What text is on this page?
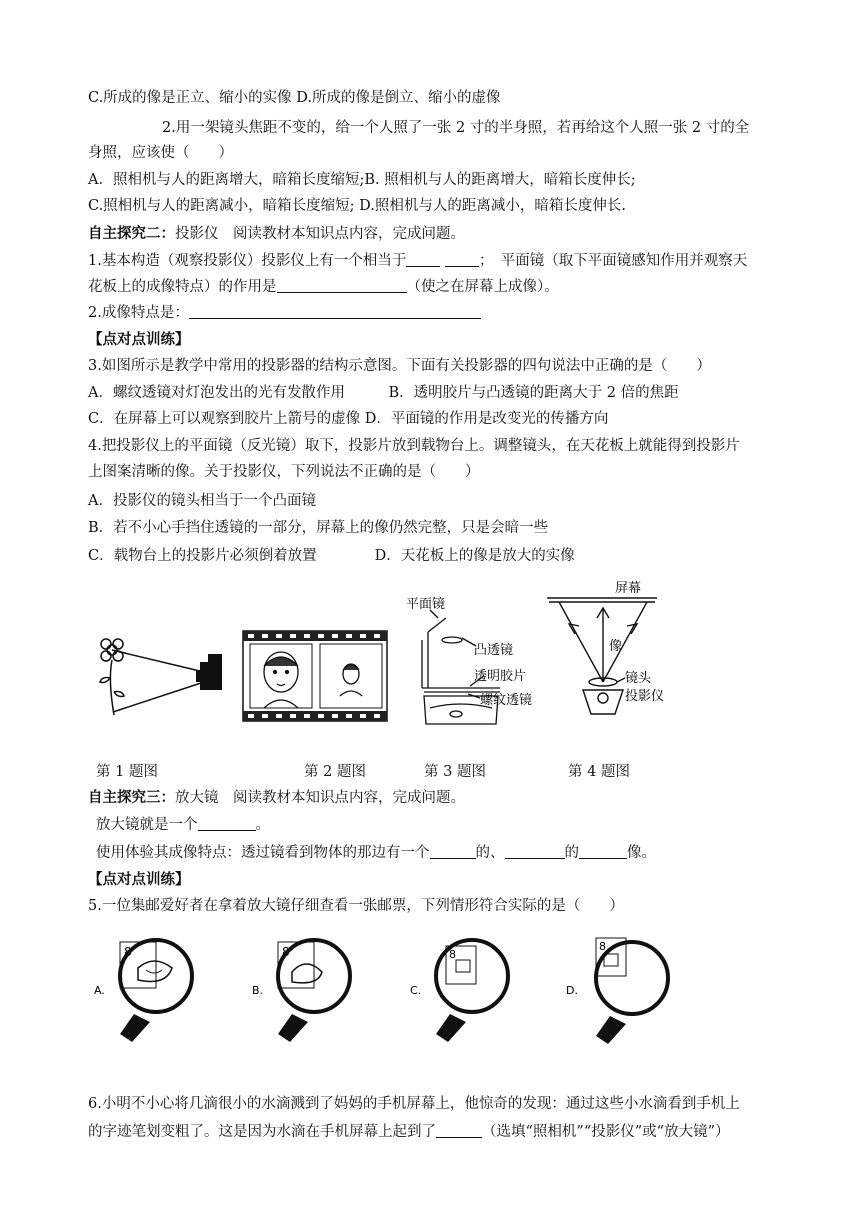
C.所成的像是正立、缩小的实像 D.所成的像是倒立、缩小的虚像
2.用一架镜头焦距不变的，给一个人照了一张 2 寸的半身照，若再给这个人照一张 2 寸的全
身照，应该使（　　）
A．照相机与人的距离增大，暗箱长度缩短;B. 照相机与人的距离增大，暗箱长度伸长;
C.照相机与人的距离减小，暗箱长度缩短; D.照相机与人的距离减小，暗箱长度伸长.
自主探究二：投影仪　阅读教材本知识点内容，完成问题。
1.基本构造（观察投影仪）投影仪上有一个相当于	；　平面镜（取下平面镜感知作用并观察天
花板上的成像特点）的作用是	（使之在屏幕上成像）。
2.成像特点是：
【点对点训练】
3.如图所示是教学中常用的投影器的结构示意图。下面有关投影器的四句说法中正确的是（　　）
A．螺纹透镜对灯泡发出的光有发散作用　　　B．透明胶片与凸透镜的距离大于 2 倍的焦距
C．在屏幕上可以观察到胶片上箭号的虚像 D．平面镜的作用是改变光的传播方向
4.把投影仪上的平面镜（反光镜）取下，投影片放到载物台上。调整镜头，在天花板上就能得到投影片
上图案清晰的像。关于投影仪，下列说法不正确的是（　　）
A．投影仪的镜头相当于一个凸面镜
B．若不小心手挡住透镜的一部分，屏幕上的像仍然完整，只是会暗一些
C．载物台上的投影片必须倒着放置　　　　D．天花板上的像是放大的实像
平面镜
凸透镜
透明胶片
螺纹透镜
屏幕
像
镜头
投影仪
第 1 题图	第 2 题图	第 3 题图	第 4 题图
自主探究三：放大镜　阅读教材本知识点内容，完成问题。
放大镜就是一个	。
使用体验其成像特点：透过镜看到物体的那边有一个	的、	的	像。
【点对点训练】
5.一位集邮爱好者在拿着放大镜仔细查看一张邮票，下列情形符合实际的是（　　）
A.
8
B.
8
C.
8
D.
8
6.小明不小心将几滴很小的水滴溅到了妈妈的手机屏幕上，他惊奇的发现：通过这些小水滴看到手机上
的字迹笔划变粗了。这是因为水滴在手机屏幕上起到了	（选填“照相机”“投影仪”或“放大镜”）
